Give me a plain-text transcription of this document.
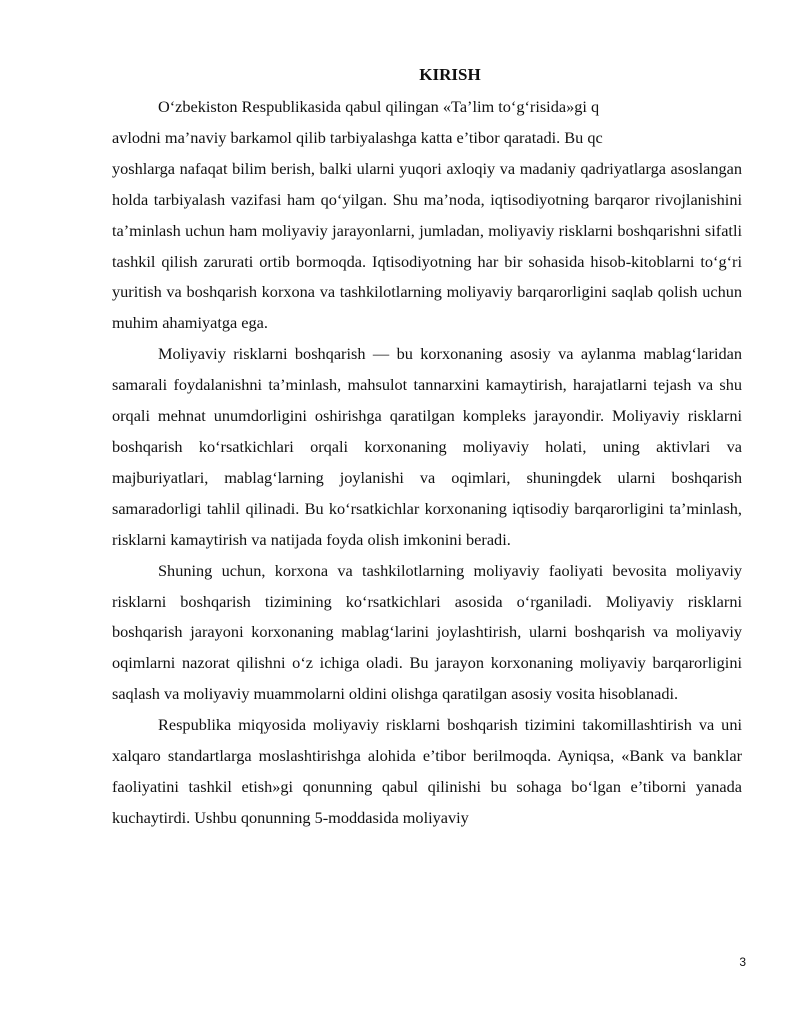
KIRISH
O‘zbekiston Respublikasida qabul qilingan «Ta’lim to‘g‘risida»gi q
avlodni ma’naviy barkamol qilib tarbiyalashga katta e’tibor qaratadi. Bu qc

yoshlarga nafaqat bilim berish, balki ularni yuqori axloqiy va madaniy qadriyatlarga asoslangan holda tarbiyalash vazifasi ham qo‘yilgan. Shu ma’noda, iqtisodiyotning barqaror rivojlanishini ta’minlash uchun ham moliyaviy jarayonlarni, jumladan, moliyaviy risklarni boshqarishni sifatli tashkil qilish zarurati ortib bormoqda. Iqtisodiyotning har bir sohasida hisob-kitoblarni to‘g‘ri yuritish va boshqarish korxona va tashkilotlarning moliyaviy barqarorligini saqlab qolish uchun muhim ahamiyatga ega.

Moliyaviy risklarni boshqarish — bu korxonaning asosiy va aylanma mablag‘laridan samarali foydalanishni ta’minlash, mahsulot tannarxini kamaytirish, harajatlarni tejash va shu orqali mehnat unumdorligini oshirishga qaratilgan kompleks jarayondir. Moliyaviy risklarni boshqarish ko‘rsatkichlari orqali korxonaning moliyaviy holati, uning aktivlari va majburiyatlari, mablag‘larning joylanishi va oqimlari, shuningdek ularni boshqarish samaradorligi tahlil qilinadi. Bu ko‘rsatkichlar korxonaning iqtisodiy barqarorligini ta’minlash, risklarni kamaytirish va natijada foyda olish imkonini beradi.

Shuning uchun, korxona va tashkilotlarning moliyaviy faoliyati bevosita moliyaviy risklarni boshqarish tizimining ko‘rsatkichlari asosida o‘rganiladi. Moliyaviy risklarni boshqarish jarayoni korxonaning mablag‘larini joylashtirish, ularni boshqarish va moliyaviy oqimlarni nazorat qilishni o‘z ichiga oladi. Bu jarayon korxonaning moliyaviy barqarorligini saqlash va moliyaviy muammolarni oldini olishga qaratilgan asosiy vosita hisoblanadi.

Respublika miqyosida moliyaviy risklarni boshqarish tizimini takomillashtirish va uni xalqaro standartlarga moslashtirishga alohida e’tibor berilmoqda. Ayniqsa, «Bank va banklar faoliyatini tashkil etish»gi qonunning qabul qilinishi bu sohaga bo‘lgan e’tiborni yanada kuchaytirdi. Ushbu qonunning 5-moddasida moliyaviy

3
